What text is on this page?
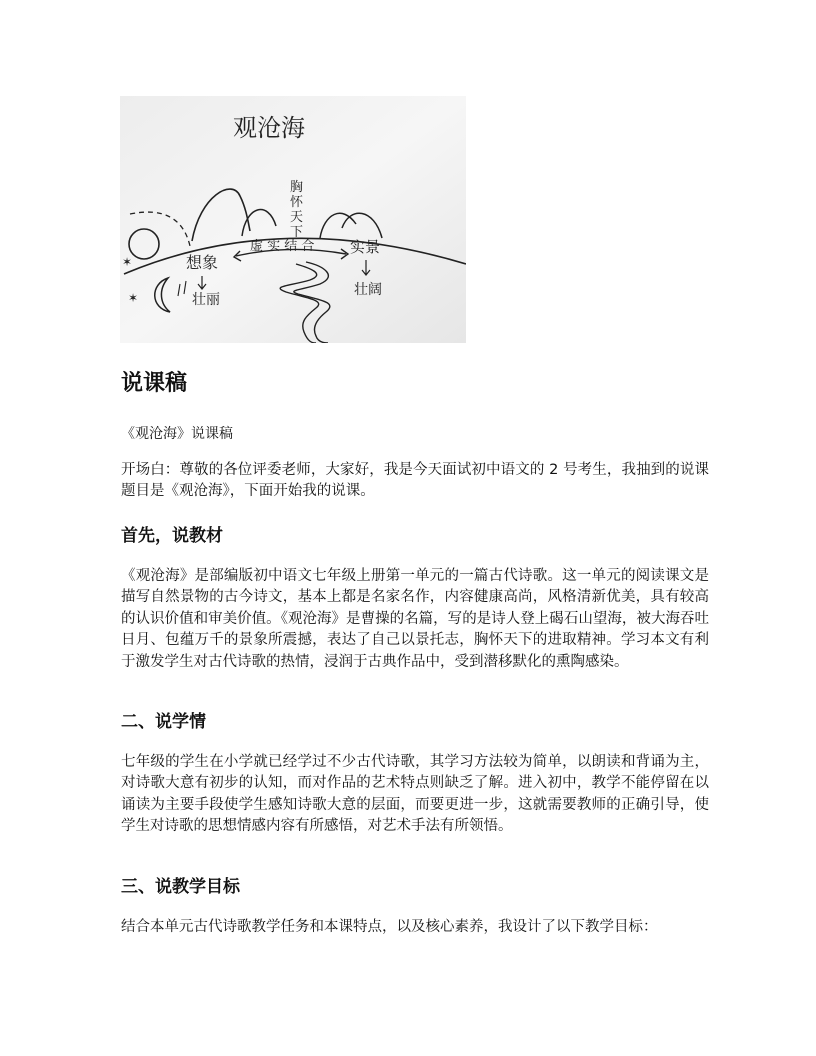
观沧海
✶
✶
想象
壮丽
虚 实 结 合 实景
壮阔
胸
怀
天
下
说课稿

《观沧海》说课稿

开场白：尊敬的各位评委老师，大家好，我是今天面试初中语文的 2 号考生，我抽到的说课题目是《观沧海》，下面开始我的说课。

首先，说教材

《观沧海》是部编版初中语文七年级上册第一单元的一篇古代诗歌。这一单元的阅读课文是描写自然景物的古今诗文，基本上都是名家名作，内容健康高尚，风格清新优美，具有较高的认识价值和审美价值。《观沧海》是曹操的名篇，写的是诗人登上碣石山望海，被大海吞吐日月、包蕴万千的景象所震撼，表达了自己以景托志，胸怀天下的进取精神。学习本文有利于激发学生对古代诗歌的热情，浸润于古典作品中，受到潜移默化的熏陶感染。

二、说学情

七年级的学生在小学就已经学过不少古代诗歌，其学习方法较为简单，以朗读和背诵为主，对诗歌大意有初步的认知，而对作品的艺术特点则缺乏了解。进入初中，教学不能停留在以诵读为主要手段使学生感知诗歌大意的层面，而要更进一步，这就需要教师的正确引导，使学生对诗歌的思想情感内容有所感悟，对艺术手法有所领悟。

三、说教学目标

结合本单元古代诗歌教学任务和本课特点，以及核心素养，我设计了以下教学目标：
